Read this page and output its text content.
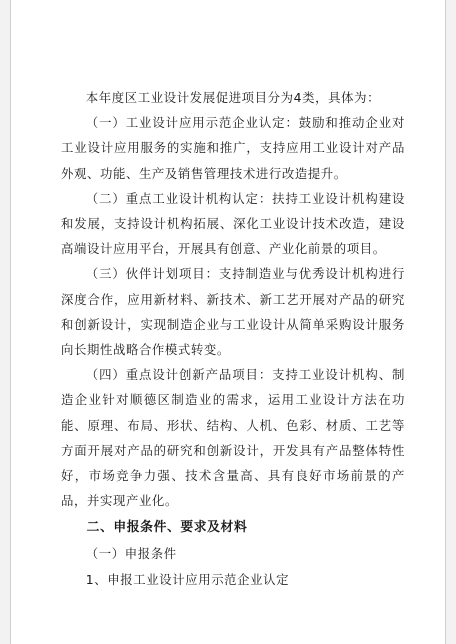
本年度区工业设计发展促进项目分为4类，具体为：

（一）工业设计应用示范企业认定：鼓励和推动企业对工业设计应用服务的实施和推广，支持应用工业设计对产品外观、功能、生产及销售管理技术进行改造提升。

（二）重点工业设计机构认定：扶持工业设计机构建设和发展，支持设计机构拓展、深化工业设计技术改造，建设高端设计应用平台，开展具有创意、产业化前景的项目。

（三）伙伴计划项目：支持制造业与优秀设计机构进行深度合作，应用新材料、新技术、新工艺开展对产品的研究和创新设计，实现制造企业与工业设计从简单采购设计服务向长期性战略合作模式转变。

（四）重点设计创新产品项目：支持工业设计机构、制造企业针对顺德区制造业的需求，运用工业设计方法在功能、原理、布局、形状、结构、人机、色彩、材质、工艺等方面开展对产品的研究和创新设计，开发具有产品整体特性好，市场竞争力强、技术含量高、具有良好市场前景的产品，并实现产业化。

二、申报条件、要求及材料

（一）申报条件

1、申报工业设计应用示范企业认定
